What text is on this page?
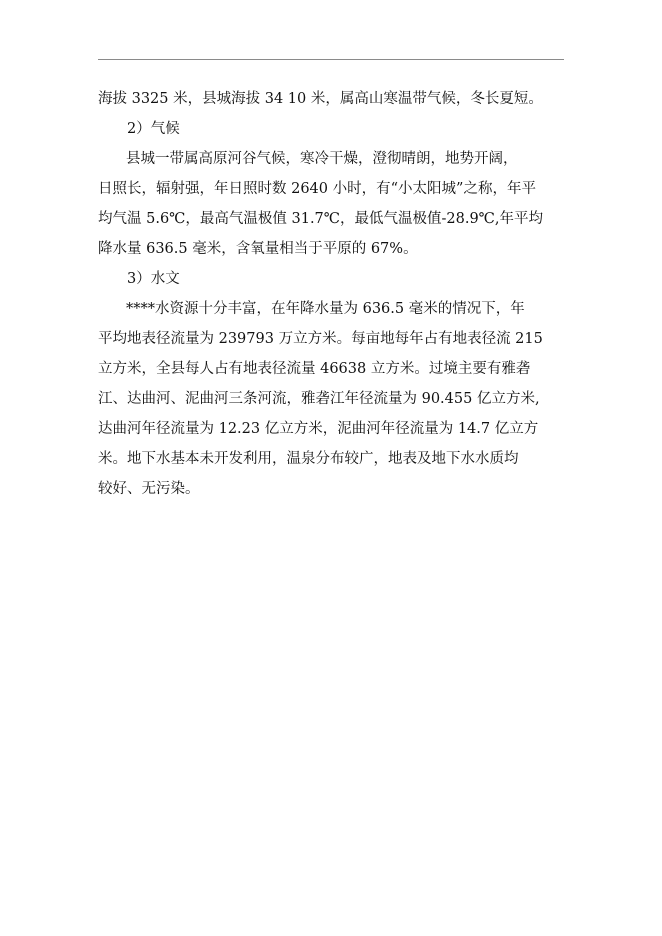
海拔 3325 米，县城海拔 34 10 米，属高山寒温带气候，冬长夏短。
2）气候
县城一带属高原河谷气候，寒冷干燥，澄彻晴朗，地势开阔，
日照长，辐射强，年日照时数 2640 小时，有“小太阳城”之称，年平
均气温 5.6℃，最高气温极值 31.7℃，最低气温极值-28.9℃,年平均
降水量 636.5 毫米，含氧量相当于平原的 67%。
3）水文
****水资源十分丰富，在年降水量为 636.5 毫米的情况下，年
平均地表径流量为 239793 万立方米。每亩地每年占有地表径流 215
立方米，全县每人占有地表径流量 46638 立方米。过境主要有雅砻
江、达曲河、泥曲河三条河流，雅砻江年径流量为 90.455 亿立方米,
达曲河年径流量为 12.23 亿立方米，泥曲河年径流量为 14.7 亿立方
米。地下水基本未开发利用，温泉分布较广，地表及地下水水质均
较好、无污染。
